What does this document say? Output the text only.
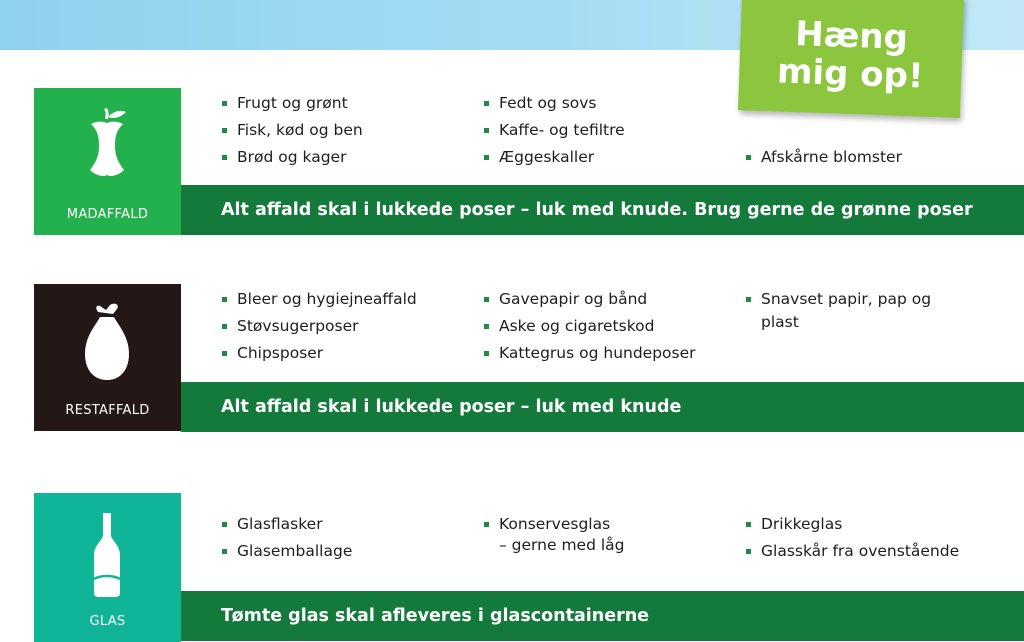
Hæng
mig op!
MADAFFALD
Frugt og grønt
Fisk, kød og ben
Brød og kager
Fedt og sovs
Kaffe- og tefiltre
Æggeskaller	Afskårne blomster
Alt affald skal i lukkede poser – luk med knude. Brug gerne de grønne poser
RESTAFFALD
Bleer og hygiejneaffald
Støvsugerposer
Chipsposer
Gavepapir og bånd
Aske og cigaretskod
Kattegrus og hundeposer
Snavset papir, pap og
plast
Alt affald skal i lukkede poser – luk med knude
GLAS
Glasflasker
Glasemballage
Konservesglas
– gerne med låg
Drikkeglas
Glasskår fra ovenstående
Tømte glas skal afleveres i glascontainerne
